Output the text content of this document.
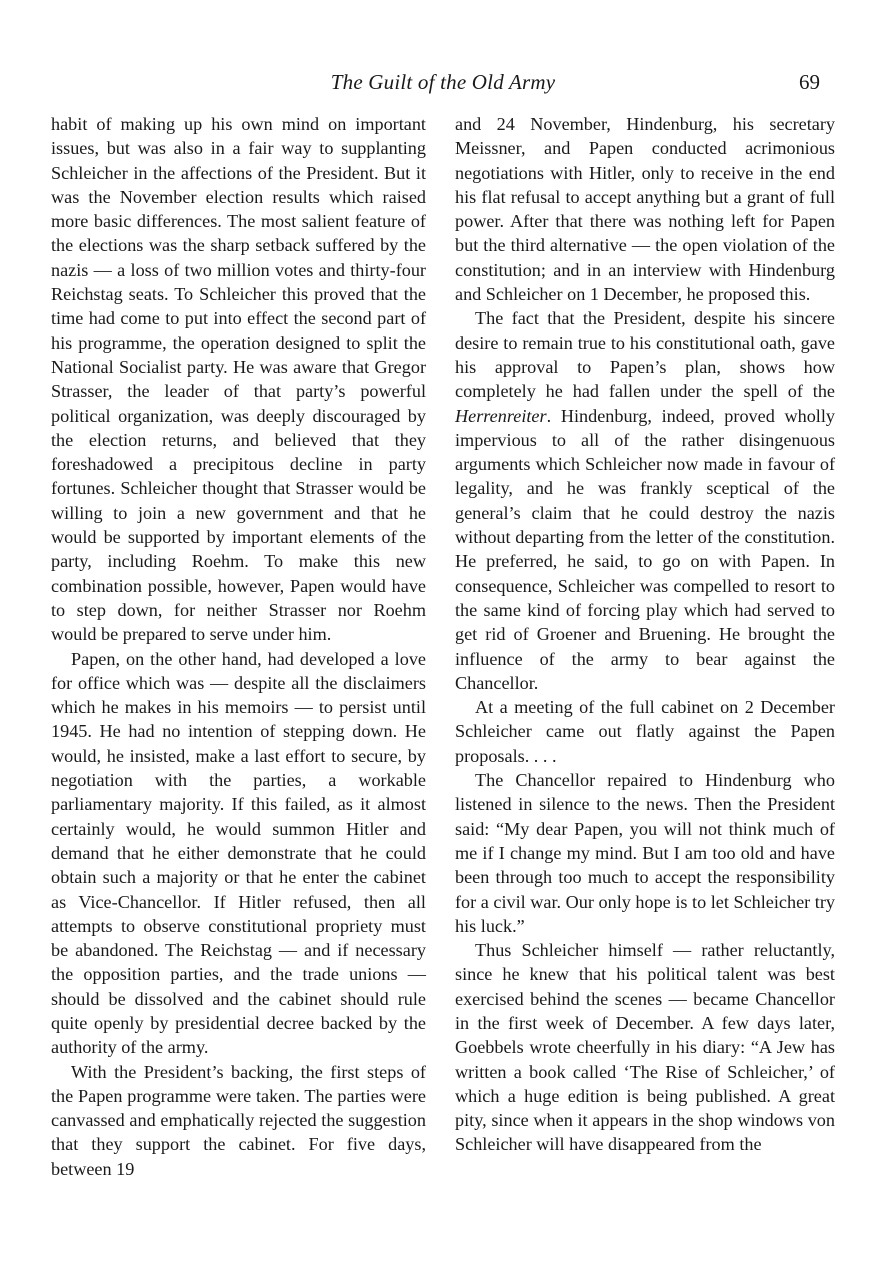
The Guilt of the Old Army	69

habit of making up his own mind on important issues, but was also in a fair way to supplanting Schleicher in the affections of the President. But it was the November election results which raised more basic differences. The most salient feature of the elections was the sharp setback suffered by the nazis — a loss of two million votes and thirty-four Reichstag seats. To Schleicher this proved that the time had come to put into effect the second part of his programme, the operation designed to split the National Socialist party. He was aware that Gregor Strasser, the leader of that party’s powerful political organization, was deeply discouraged by the election returns, and believed that they foreshadowed a precipitous decline in party fortunes. Schleicher thought that Strasser would be willing to join a new government and that he would be supported by important elements of the party, including Roehm. To make this new combination possible, however, Papen would have to step down, for neither Strasser nor Roehm would be prepared to serve under him.

Papen, on the other hand, had developed a love for office which was — despite all the disclaimers which he makes in his memoirs — to persist until 1945. He had no intention of stepping down. He would, he insisted, make a last effort to secure, by negotiation with the parties, a workable parliamentary majority. If this failed, as it almost certainly would, he would summon Hitler and demand that he either demonstrate that he could obtain such a majority or that he enter the cabinet as Vice-Chancellor. If Hitler refused, then all attempts to observe constitutional propriety must be abandoned. The Reichstag — and if necessary the opposition parties, and the trade unions — should be dissolved and the cabinet should rule quite openly by presidential decree backed by the authority of the army.

With the President’s backing, the first steps of the Papen programme were taken. The parties were canvassed and emphatically rejected the suggestion that they support the cabinet. For five days, between 19

and 24 November, Hindenburg, his secretary Meissner, and Papen conducted acrimonious negotiations with Hitler, only to receive in the end his flat refusal to accept anything but a grant of full power. After that there was nothing left for Papen but the third alternative — the open violation of the constitution; and in an interview with Hindenburg and Schleicher on 1 December, he proposed this.

The fact that the President, despite his sincere desire to remain true to his constitutional oath, gave his approval to Papen’s plan, shows how completely he had fallen under the spell of the Herrenreiter. Hindenburg, indeed, proved wholly impervious to all of the rather disingenuous arguments which Schleicher now made in favour of legality, and he was frankly sceptical of the general’s claim that he could destroy the nazis without departing from the letter of the constitution. He preferred, he said, to go on with Papen. In consequence, Schleicher was compelled to resort to the same kind of forcing play which had served to get rid of Groener and Bruening. He brought the influence of the army to bear against the Chancellor.

At a meeting of the full cabinet on 2 December Schleicher came out flatly against the Papen proposals. . . .

The Chancellor repaired to Hindenburg who listened in silence to the news. Then the President said: “My dear Papen, you will not think much of me if I change my mind. But I am too old and have been through too much to accept the responsibility for a civil war. Our only hope is to let Schleicher try his luck.”

Thus Schleicher himself — rather reluctantly, since he knew that his political talent was best exercised behind the scenes — became Chancellor in the first week of December. A few days later, Goebbels wrote cheerfully in his diary: “A Jew has written a book called ‘The Rise of Schleicher,’ of which a huge edition is being published. A great pity, since when it appears in the shop windows von Schleicher will have disappeared from the
